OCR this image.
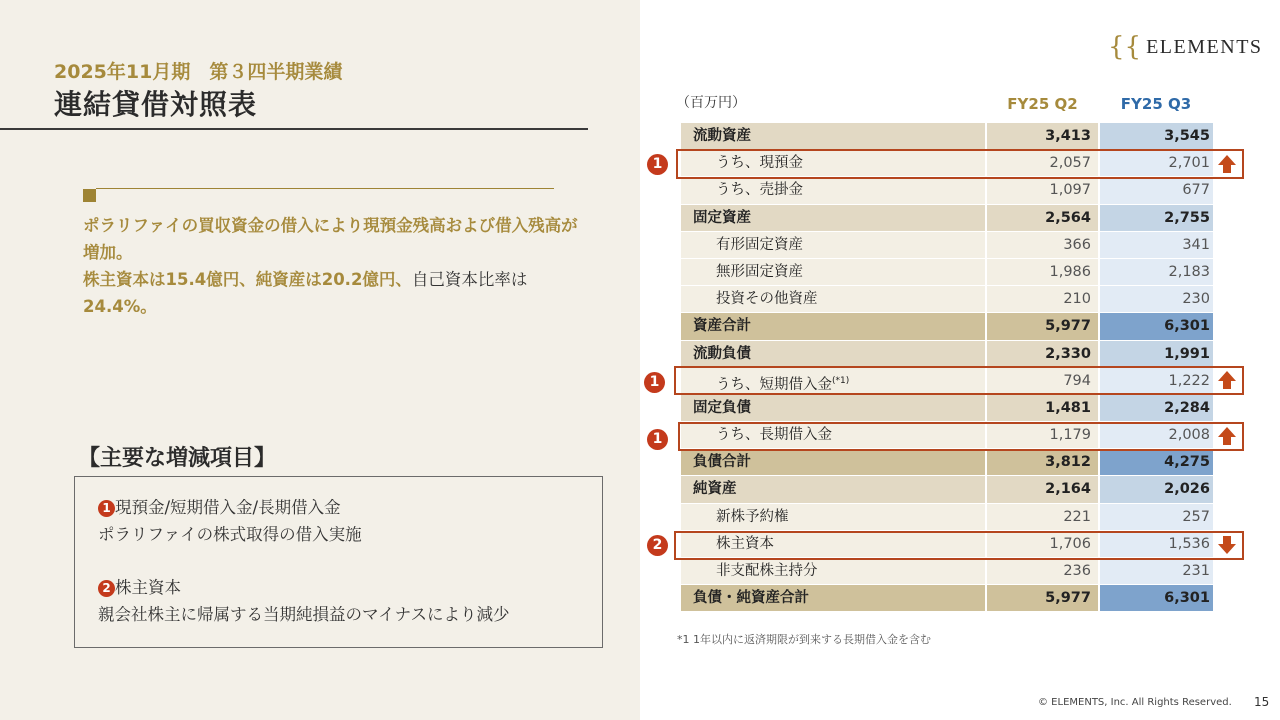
2025年11月期　第３四半期業績
連結貸借対照表
ポラリファイの買収資金の借入により現預金残高および借入残高が増加。
株主資本は15.4億円、純資産は20.2億円、自己資本比率は
24.4%。
【主要な増減項目】
1 現預金/短期借入金/長期借入金
ポラリファイの株式取得の借入実施
2 株主資本
親会社株主に帰属する当期純損益のマイナスにより減少
{{ ELEMENTS
（百万円）	FY25 Q2	FY25 Q3
流動資産	3,413	3,545
うち、現預金	2,057	2,701
うち、売掛金	1,097	677
固定資産	2,564	2,755
有形固定資産	366	341
無形固定資産	1,986	2,183
投資その他資産	210	230
資産合計	5,977	6,301
流動負債	2,330	1,991
うち、短期借入金$^{(*1)}$	794	1,222
固定負債	1,481	2,284
うち、長期借入金	1,179	2,008
負債合計	3,812	4,275
純資産	2,164	2,026
新株予約権	221	257
株主資本	1,706	1,536
非支配株主持分	236	231
負債・純資産合計	5,977	6,301
1
1
1
2
*1 1年以内に返済期限が到来する長期借入金を含む
© ELEMENTS, Inc. All Rights Reserved. 15
